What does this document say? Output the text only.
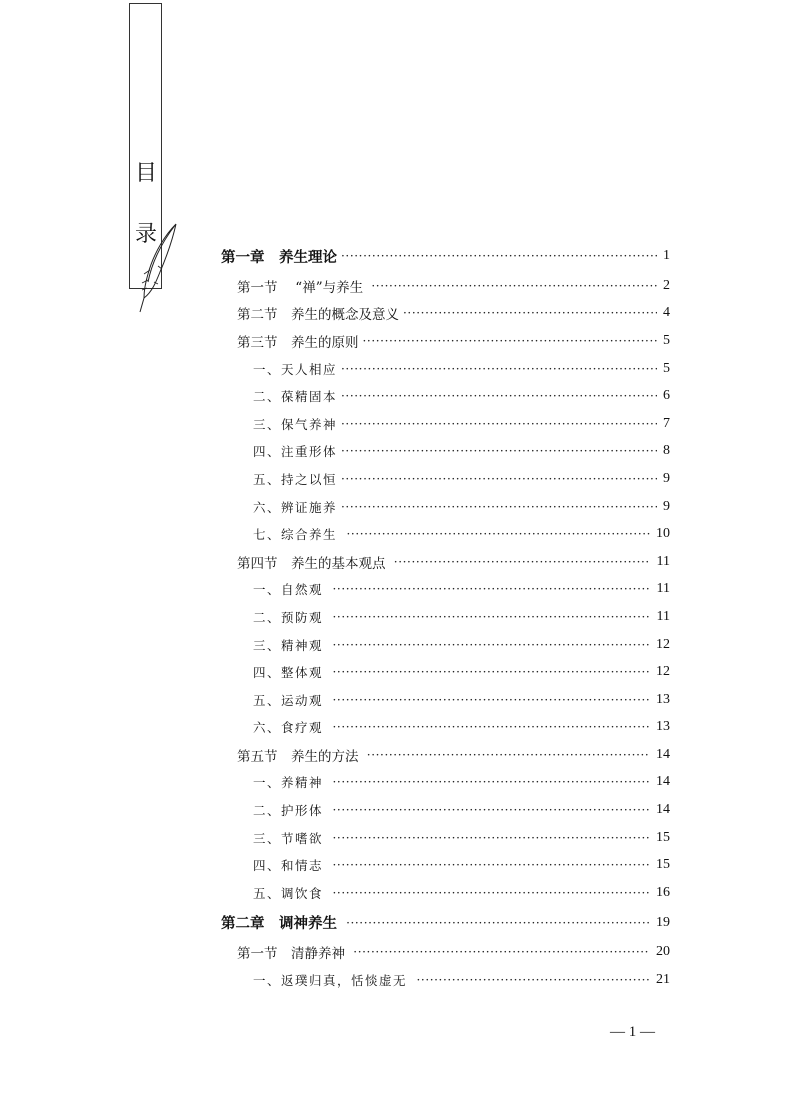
目
录
第一章　养生理论 ·····	1
第一节　 “禅”与养生 ·····	2
第二节　养生的概念及意义 ·····	4
第三节　养生的原则 ·····	5
一、天人相应 ·····	5
二、葆精固本 ·····	6
三、保气养神 ·····	7
四、注重形体 ·····	8
五、持之以恒 ·····	9
六、辨证施养 ·····	9
七、综合养生 ·····	10
第四节　养生的基本观点 ·····	11
一、自然观 ·····	11
二、预防观 ·····	11
三、精神观 ·····	12
四、整体观 ·····	12
五、运动观 ·····	13
六、食疗观 ·····	13
第五节　养生的方法 ·····	14
一、养精神 ·····	14
二、护形体 ·····	14
三、节嗜欲 ·····	15
四、和情志 ·····	15
五、调饮食 ·····	16
第二章　调神养生 ·····	19
第一节　清静养神 ·····	20
一、返璞归真，恬惔虚无 ·····	21
— 1 —
